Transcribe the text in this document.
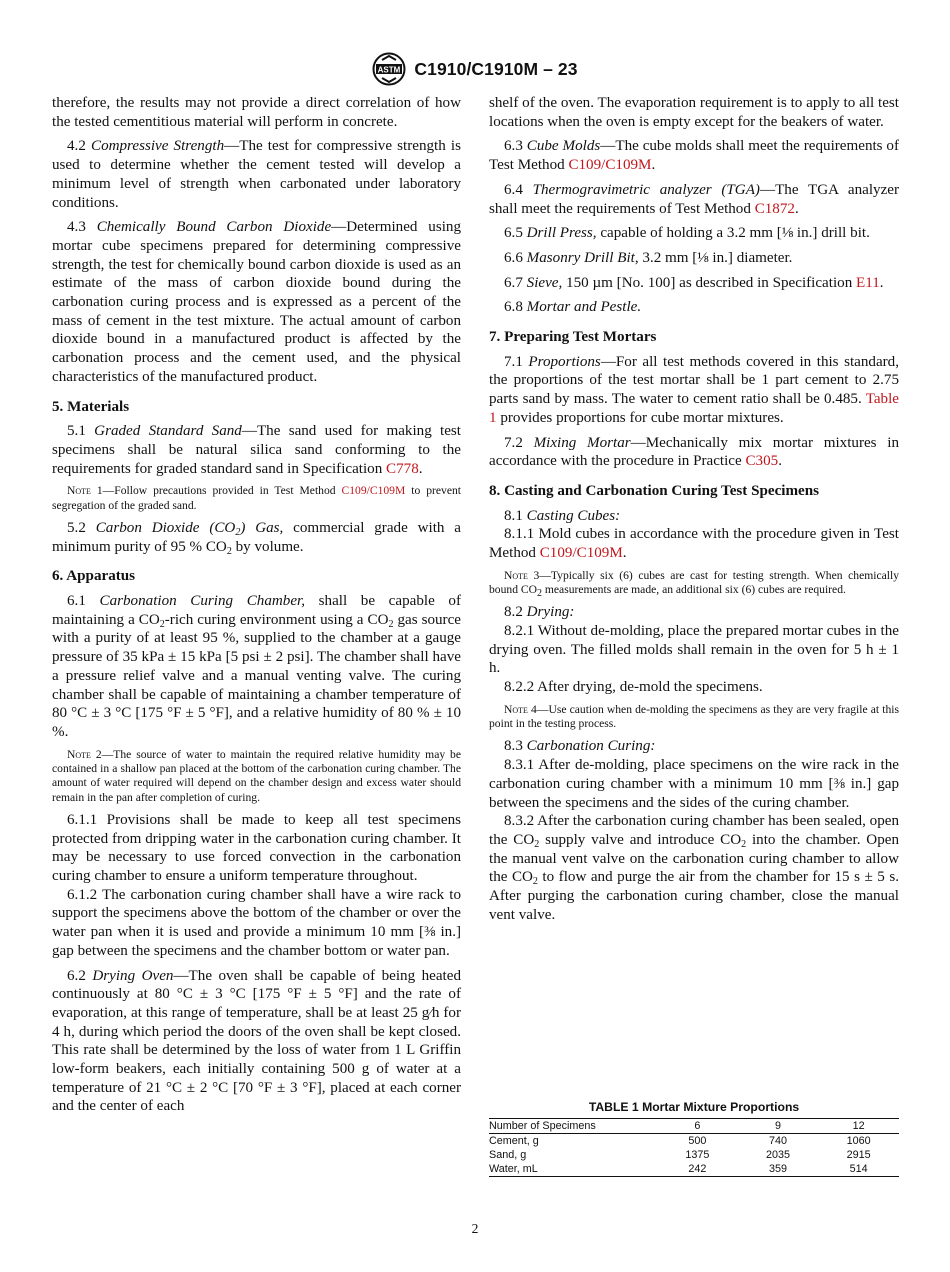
ASTM C1910/C1910M – 23

therefore, the results may not provide a direct correlation of how the tested cementitious material will perform in concrete.

4.2 Compressive Strength—The test for compressive strength is used to determine whether the cement tested will develop a minimum level of strength when carbonated under laboratory conditions.

4.3 Chemically Bound Carbon Dioxide—Determined using mortar cube specimens prepared for determining compressive strength, the test for chemically bound carbon dioxide is used as an estimate of the mass of carbon dioxide bound during the carbonation curing process and is expressed as a percent of the mass of cement in the test mixture. The actual amount of carbon dioxide bound in a manufactured product is affected by the carbonation process and the cement used, and the physical characteristics of the manufactured product.

5. Materials

5.1 Graded Standard Sand—The sand used for making test specimens shall be natural silica sand conforming to the requirements for graded standard sand in Specification C778.

Note 1—Follow precautions provided in Test Method C109/C109M to prevent segregation of the graded sand.

5.2 Carbon Dioxide $(CO_2)$ Gas, commercial grade with a minimum purity of 95 % $CO_2$ by volume.

6. Apparatus

6.1 Carbonation Curing Chamber, shall be capable of maintaining a $CO_2$-rich curing environment using a $CO_2$ gas source with a purity of at least 95 %, supplied to the chamber at a gauge pressure of 35 kPa ± 15 kPa [5 psi ± 2 psi]. The chamber shall have a pressure relief valve and a manual venting valve. The curing chamber shall be capable of maintaining a chamber temperature of 80 °C ± 3 °C [175 °F ± 5 °F], and a relative humidity of 80 % ± 10 %.

Note 2—The source of water to maintain the required relative humidity may be contained in a shallow pan placed at the bottom of the carbonation curing chamber. The amount of water required will depend on the chamber design and excess water should remain in the pan after completion of curing.

6.1.1 Provisions shall be made to keep all test specimens protected from dripping water in the carbonation curing chamber. It may be necessary to use forced convection in the carbonation curing chamber to ensure a uniform temperature throughout.

6.1.2 The carbonation curing chamber shall have a wire rack to support the specimens above the bottom of the chamber or over the water pan when it is used and provide a minimum 10 mm [⅜ in.] gap between the specimens and the chamber bottom or water pan.

6.2 Drying Oven—The oven shall be capable of being heated continuously at 80 °C ± 3 °C [175 °F ± 5 °F] and the rate of evaporation, at this range of temperature, shall be at least 25 g⁄h for 4 h, during which period the doors of the oven shall be kept closed. This rate shall be determined by the loss of water from 1 L Griffin low-form beakers, each initially containing 500 g of water at a temperature of 21 °C ± 2 °C [70 °F ± 3 °F], placed at each corner and the center of each

shelf of the oven. The evaporation requirement is to apply to all test locations when the oven is empty except for the beakers of water.

6.3 Cube Molds—The cube molds shall meet the requirements of Test Method C109/C109M.

6.4 Thermogravimetric analyzer (TGA)—The TGA analyzer shall meet the requirements of Test Method C1872.

6.5 Drill Press, capable of holding a 3.2 mm [⅛ in.] drill bit.

6.6 Masonry Drill Bit, 3.2 mm [⅛ in.] diameter.

6.7 Sieve, 150 µm [No. 100] as described in Specification E11.

6.8 Mortar and Pestle.

7. Preparing Test Mortars

7.1 Proportions—For all test methods covered in this standard, the proportions of the test mortar shall be 1 part cement to 2.75 parts sand by mass. The water to cement ratio shall be 0.485. Table 1 provides proportions for cube mortar mixtures.

7.2 Mixing Mortar—Mechanically mix mortar mixtures in accordance with the procedure in Practice C305.

8. Casting and Carbonation Curing Test Specimens

8.1 Casting Cubes:

8.1.1 Mold cubes in accordance with the procedure given in Test Method C109/C109M.

Note 3—Typically six (6) cubes are cast for testing strength. When chemically bound $CO_2$ measurements are made, an additional six (6) cubes are required.

8.2 Drying:

8.2.1 Without de-molding, place the prepared mortar cubes in the drying oven. The filled molds shall remain in the oven for 5 h ± 1 h.

8.2.2 After drying, de-mold the specimens.

Note 4—Use caution when de-molding the specimens as they are very fragile at this point in the testing process.

8.3 Carbonation Curing:

8.3.1 After de-molding, place specimens on the wire rack in the carbonation curing chamber with a minimum 10 mm [⅜ in.] gap between the specimens and the sides of the curing chamber.

8.3.2 After the carbonation curing chamber has been sealed, open the $CO_2$ supply valve and introduce $CO_2$ into the chamber. Open the manual vent valve on the carbonation curing chamber to allow the $CO_2$ to flow and purge the air from the chamber for 15 s ± 5 s. After purging the carbonation curing chamber, close the manual vent valve.

TABLE 1 Mortar Mixture Proportions
Number of Specimens	6	9	12
Cement, g	500	740	1060
Sand, g	1375	2035	2915
Water, mL	242	359	514
2
